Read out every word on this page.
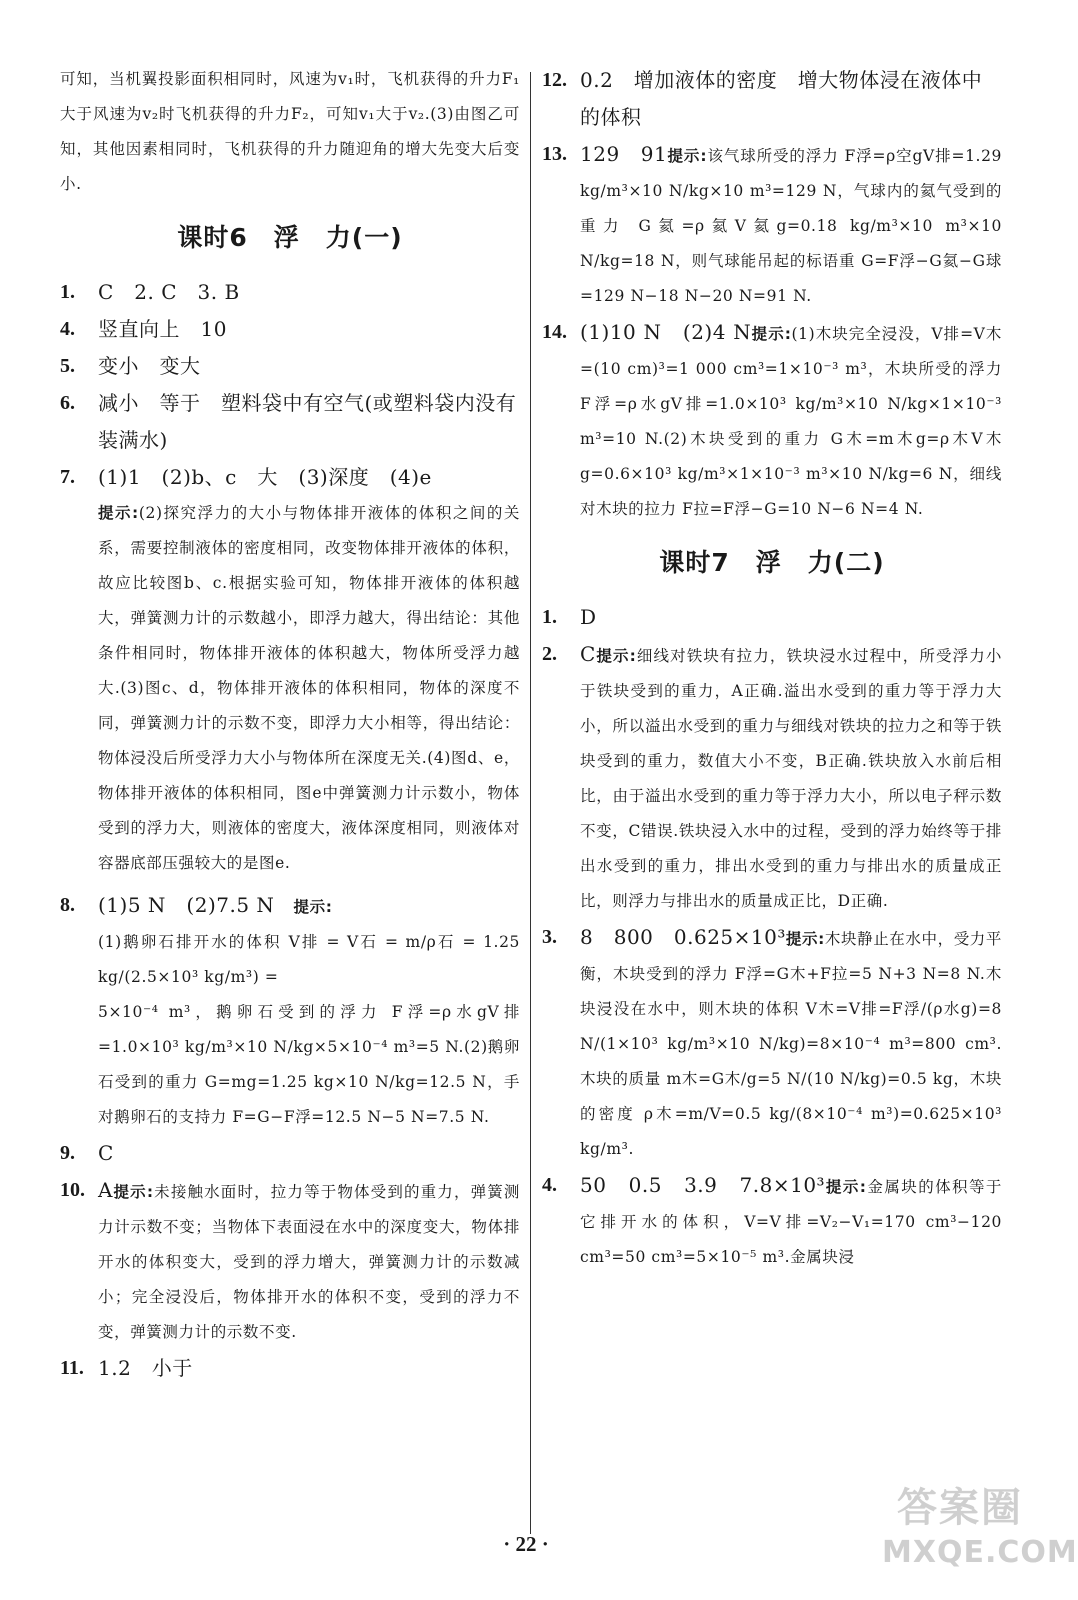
可知，当机翼投影面积相同时，风速为v₁时，飞机获得的升力F₁大于风速为v₂时飞机获得的升力F₂，可知v₁大于v₂.(3)由图乙可知，其他因素相同时，飞机获得的升力随迎角的增大先变大后变小.
课时6　浮　力(一)
1.	C　2. C　3. B
4.	竖直向上　10
5.	变小　变大
6.	减小　等于　塑料袋中有空气(或塑料袋内没有装满水)
7.	(1)1　(2)b、c　大　(3)深度　(4)e
提示:(2)探究浮力的大小与物体排开液体的体积之间的关系，需要控制液体的密度相同，改变物体排开液体的体积，故应比较图b、c.根据实验可知，物体排开液体的体积越大，弹簧测力计的示数越小，即浮力越大，得出结论：其他条件相同时，物体排开液体的体积越大，物体所受浮力越大.(3)图c、d，物体排开液体的体积相同，物体的深度不同，弹簧测力计的示数不变，即浮力大小相等，得出结论：物体浸没后所受浮力大小与物体所在深度无关.(4)图d、e，物体排开液体的体积相同，图e中弹簧测力计示数小，物体受到的浮力大，则液体的密度大，液体深度相同，则液体对容器底部压强较大的是图e.
8.	(1)5 N　(2)7.5 N 提示:
(1)鹅卵石排开水的体积 V排 = V石 = m/ρ石 = 1.25 kg/(2.5×10³ kg/m³) =
5×10⁻⁴ m³，鹅卵石受到的浮力 F浮=ρ水gV排=1.0×10³ kg/m³×10 N/kg×5×10⁻⁴ m³=5 N.(2)鹅卵石受到的重力 G=mg=1.25 kg×10 N/kg=12.5 N，手对鹅卵石的支持力 F=G−F浮=12.5 N−5 N=7.5 N.
9.	C
10. A提示:未接触水面时，拉力等于物体受到的重力，弹簧测力计示数不变；当物体下表面浸在水中的深度变大，物体排开水的体积变大，受到的浮力增大，弹簧测力计的示数减小；完全浸没后，物体排开水的体积不变，受到的浮力不变，弹簧测力计的示数不变.
11. 1.2　小于
12. 0.2　增加液体的密度　增大物体浸在液体中的体积
13. 129　91提示:该气球所受的浮力 F浮=ρ空gV排=1.29 kg/m³×10 N/kg×10 m³=129 N，气球内的氦气受到的重力 G氦=ρ氦V氦g=0.18 kg/m³×10 m³×10 N/kg=18 N，则气球能吊起的标语重 G=F浮−G氦−G球=129 N−18 N−20 N=91 N.
14. (1)10 N　(2)4 N提示:(1)木块完全浸没，V排=V木=(10 cm)³=1 000 cm³=1×10⁻³ m³，木块所受的浮力 F浮=ρ水gV排=1.0×10³ kg/m³×10 N/kg×1×10⁻³ m³=10 N.(2)木块受到的重力 G木=m木g=ρ木V木g=0.6×10³ kg/m³×1×10⁻³ m³×10 N/kg=6 N，细线对木块的拉力 F拉=F浮−G=10 N−6 N=4 N.
课时7　浮　力(二)
1.	D
2.	C提示:细线对铁块有拉力，铁块浸水过程中，所受浮力小于铁块受到的重力，A正确.溢出水受到的重力等于浮力大小，所以溢出水受到的重力与细线对铁块的拉力之和等于铁块受到的重力，数值大小不变，B正确.铁块放入水前后相比，由于溢出水受到的重力等于浮力大小，所以电子秤示数不变，C错误.铁块浸入水中的过程，受到的浮力始终等于排出水受到的重力，排出水受到的重力与排出水的质量成正比，则浮力与排出水的质量成正比，D正确.
3.	8　800　0.625×10³提示:木块静止在水中，受力平衡，木块受到的浮力 F浮=G木+F拉=5 N+3 N=8 N.木块浸没在水中，则木块的体积 V木=V排=F浮/(ρ水g)=8 N/(1×10³ kg/m³×10 N/kg)=8×10⁻⁴ m³=800 cm³.木块的质量 m木=G木/g=5 N/(10 N/kg)=0.5 kg，木块的密度 ρ木=m/V=0.5 kg/(8×10⁻⁴ m³)=0.625×10³ kg/m³.
4.	50　0.5　3.9　7.8×10³提示:金属块的体积等于它排开水的体积，V=V排=V₂−V₁=170 cm³−120 cm³=50 cm³=5×10⁻⁵ m³.金属块浸
· 22 ·
答案圈
MXQE.COM
